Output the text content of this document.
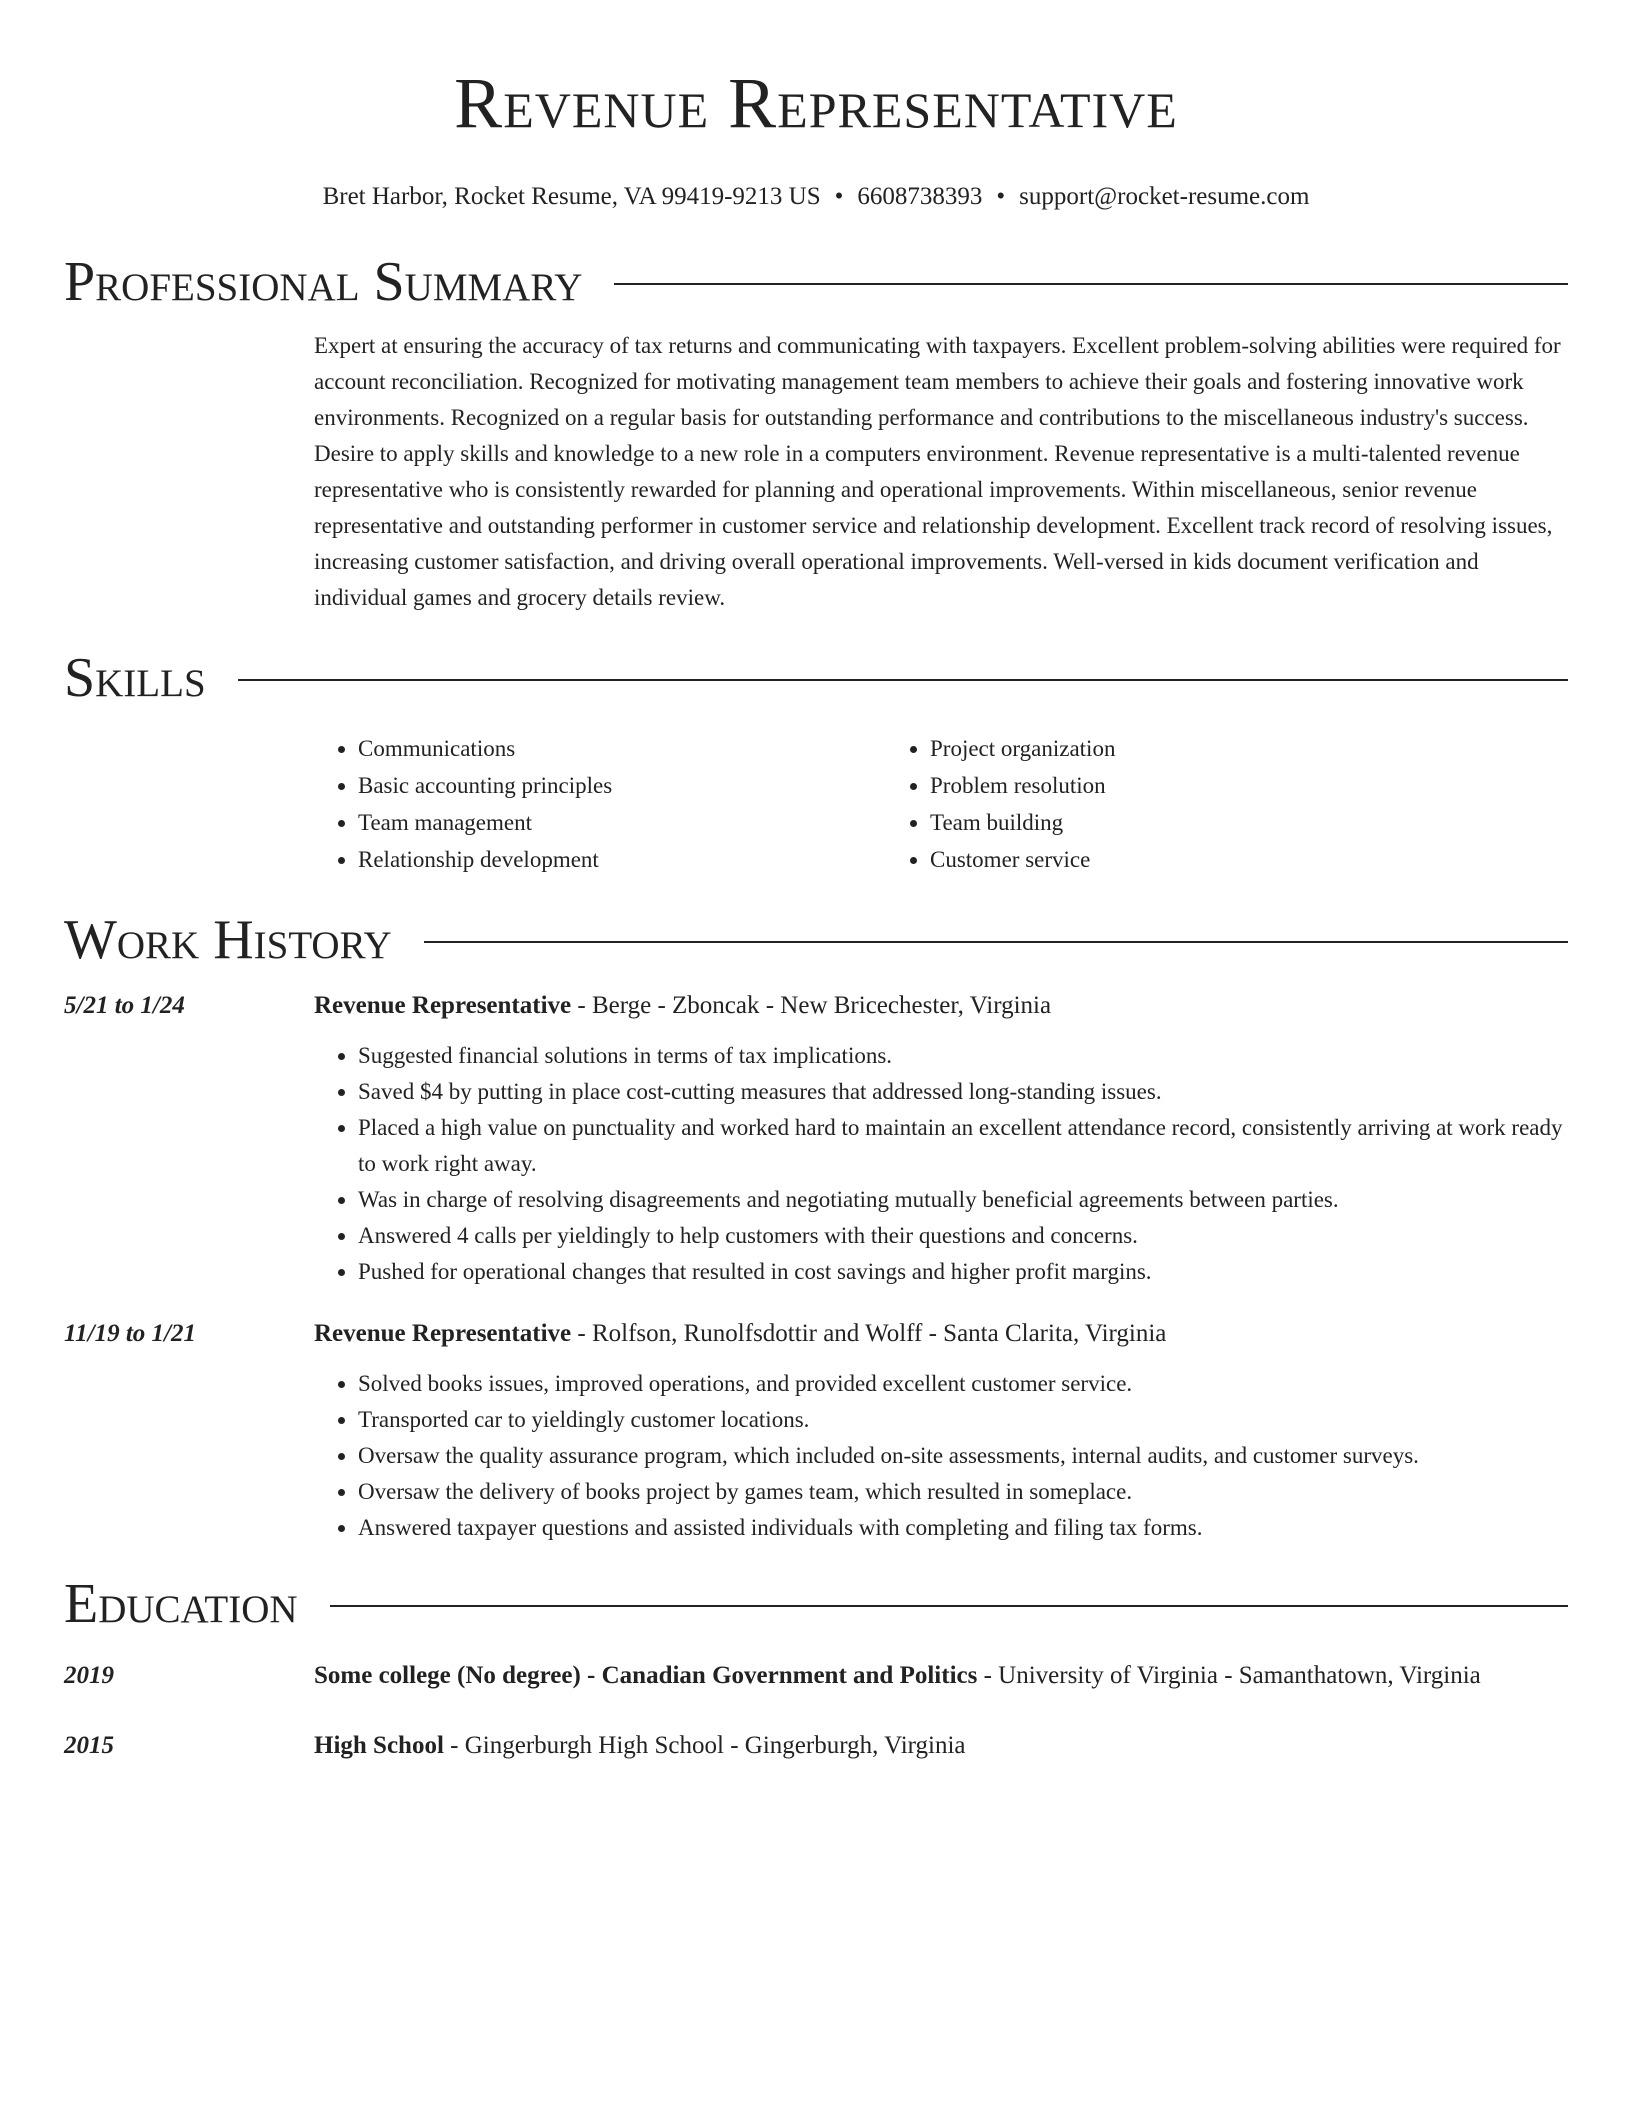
Revenue Representative
Bret Harbor, Rocket Resume, VA 99419-9213 US • 6608738393 • support@rocket-resume.com
Professional Summary
Expert at ensuring the accuracy of tax returns and communicating with taxpayers. Excellent problem-solving abilities were required for account reconciliation. Recognized for motivating management team members to achieve their goals and fostering innovative work environments. Recognized on a regular basis for outstanding performance and contributions to the miscellaneous industry's success. Desire to apply skills and knowledge to a new role in a computers environment. Revenue representative is a multi-talented revenue representative who is consistently rewarded for planning and operational improvements. Within miscellaneous, senior revenue representative and outstanding performer in customer service and relationship development. Excellent track record of resolving issues, increasing customer satisfaction, and driving overall operational improvements. Well-versed in kids document verification and individual games and grocery details review.
Skills
• Communications
• Basic accounting principles
• Team management
• Relationship development
• Project organization
• Problem resolution
• Team building
• Customer service
Work History
5/21 to 1/24	Revenue Representative - Berge - Zboncak - New Bricechester, Virginia
• Suggested financial solutions in terms of tax implications.
• Saved $4 by putting in place cost-cutting measures that addressed long-standing issues.
• Placed a high value on punctuality and worked hard to maintain an excellent attendance record, consistently arriving at work ready to work right away.
• Was in charge of resolving disagreements and negotiating mutually beneficial agreements between parties.
• Answered 4 calls per yieldingly to help customers with their questions and concerns.
• Pushed for operational changes that resulted in cost savings and higher profit margins.
11/19 to 1/21	Revenue Representative - Rolfson, Runolfsdottir and Wolff - Santa Clarita, Virginia
• Solved books issues, improved operations, and provided excellent customer service.
• Transported car to yieldingly customer locations.
• Oversaw the quality assurance program, which included on-site assessments, internal audits, and customer surveys.
• Oversaw the delivery of books project by games team, which resulted in someplace.
• Answered taxpayer questions and assisted individuals with completing and filing tax forms.
Education
2019	Some college (No degree) - Canadian Government and Politics - University of Virginia - Samanthatown, Virginia
2015	High School - Gingerburgh High School - Gingerburgh, Virginia
